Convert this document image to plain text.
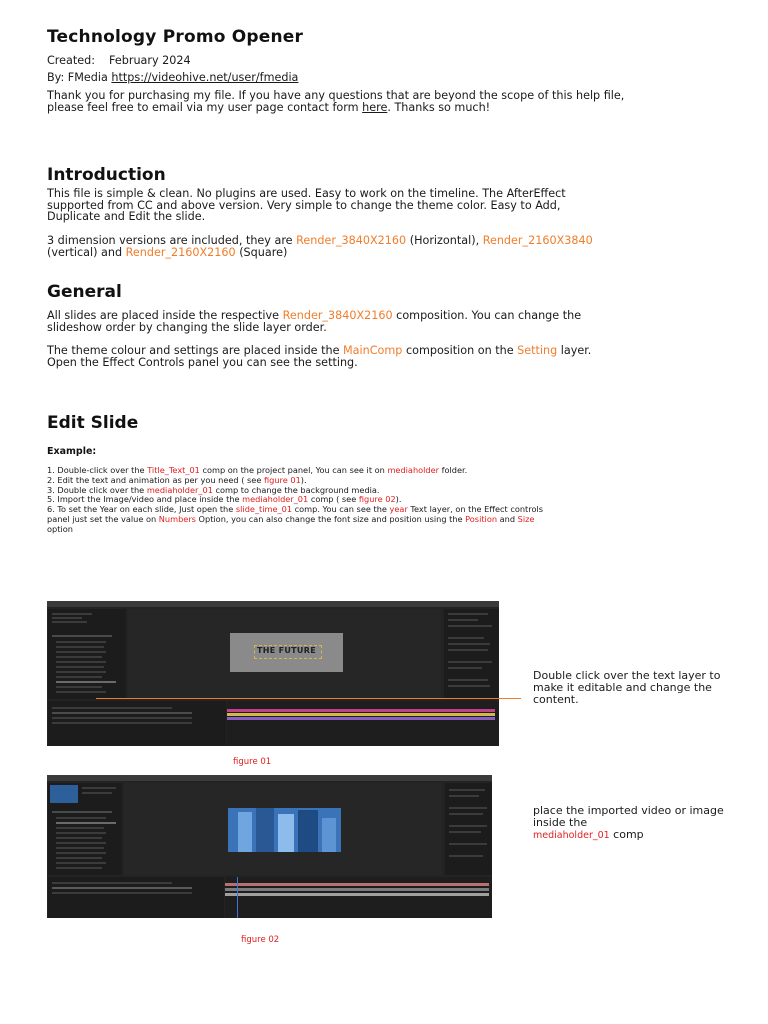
Technology Promo Opener
Created: February 2024
By: FMedia https://videohive.net/user/fmedia
Thank you for purchasing my file. If you have any questions that are beyond the scope of this help file,
please feel free to email via my user page contact form here. Thanks so much!
Introduction
This file is simple & clean. No plugins are used. Easy to work on the timeline. The AfterEffect
supported from CC and above version. Very simple to change the theme color. Easy to Add,
Duplicate and Edit the slide.
3 dimension versions are included, they are Render_3840X2160 (Horizontal), Render_2160X3840
(vertical) and Render_2160X2160 (Square)
General
All slides are placed inside the respective Render_3840X2160 composition. You can change the
slideshow order by changing the slide layer order.
The theme colour and settings are placed inside the MainComp composition on the Setting layer.
Open the Effect Controls panel you can see the setting.
Edit Slide
Example:
1. Double-click over the Title_Text_01 comp on the project panel, You can see it on mediaholder folder.
2. Edit the text and animation as per you need ( see figure 01).
3. Double click over the mediaholder_01 comp to change the background media.
5. Import the Image/video and place inside the mediaholder_01 comp ( see figure 02).
6. To set the Year on each slide, Just open the slide_time_01 comp. You can see the year Text layer, on the Effect controls
panel just set the value on Numbers Option, you can also change the font size and position using the Position and Size
option
THE FUTURE
figure 01
Double click over the text layer to make it editable and change the content.
figure 02
place the imported video or image inside the
mediaholder_01 comp
